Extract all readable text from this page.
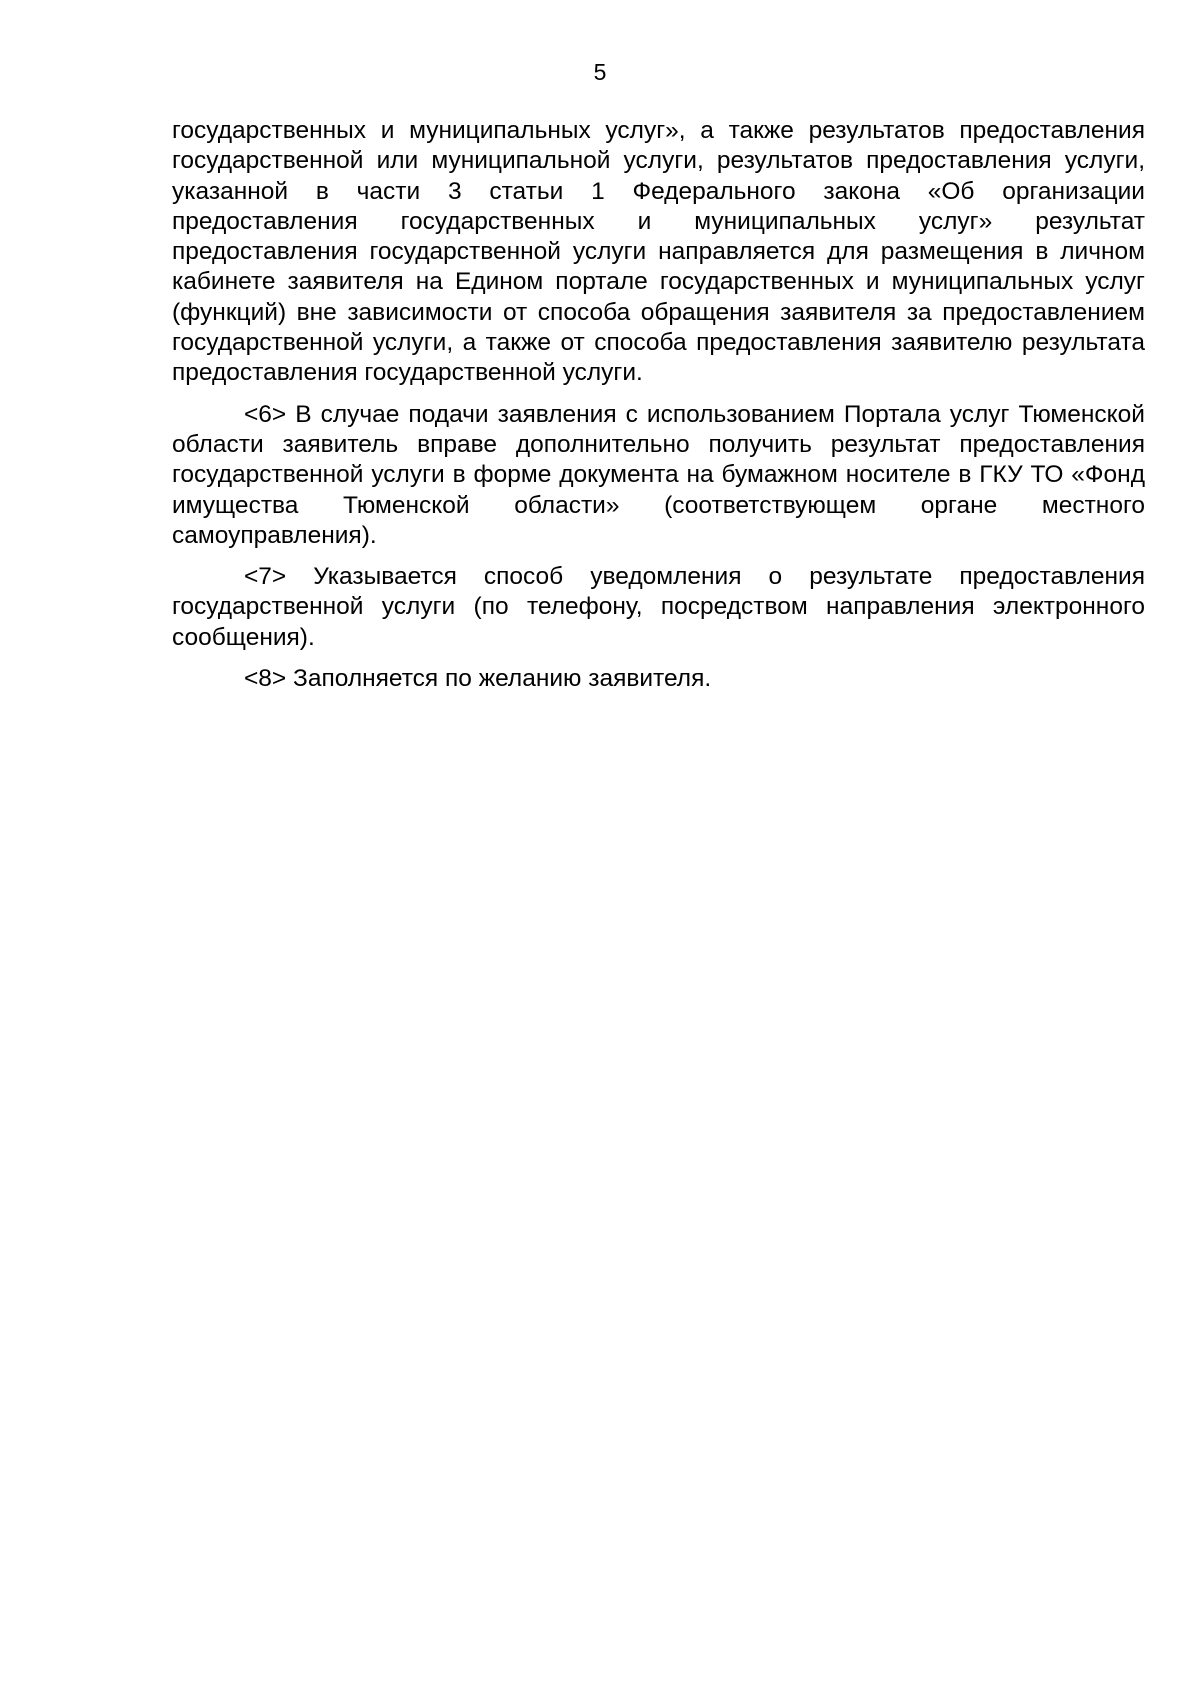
5

государственных и муниципальных услуг», а также результатов предоставления государственной или муниципальной услуги, результатов предоставления услуги, указанной в части 3 статьи 1 Федерального закона «Об организации предоставления государственных и муниципальных услуг» результат предоставления государственной услуги направляется для размещения в личном кабинете заявителя на Едином портале государственных и муниципальных услуг (функций) вне зависимости от способа обращения заявителя за предоставлением государственной услуги, а также от способа предоставления заявителю результата предоставления государственной услуги.

<6> В случае подачи заявления с использованием Портала услуг Тюменской области заявитель вправе дополнительно получить результат предоставления государственной услуги в форме документа на бумажном носителе в ГКУ ТО «Фонд имущества Тюменской области» (соответствующем органе местного самоуправления).

<7> Указывается способ уведомления о результате предоставления государственной услуги (по телефону, посредством направления электронного сообщения).

<8> Заполняется по желанию заявителя.
